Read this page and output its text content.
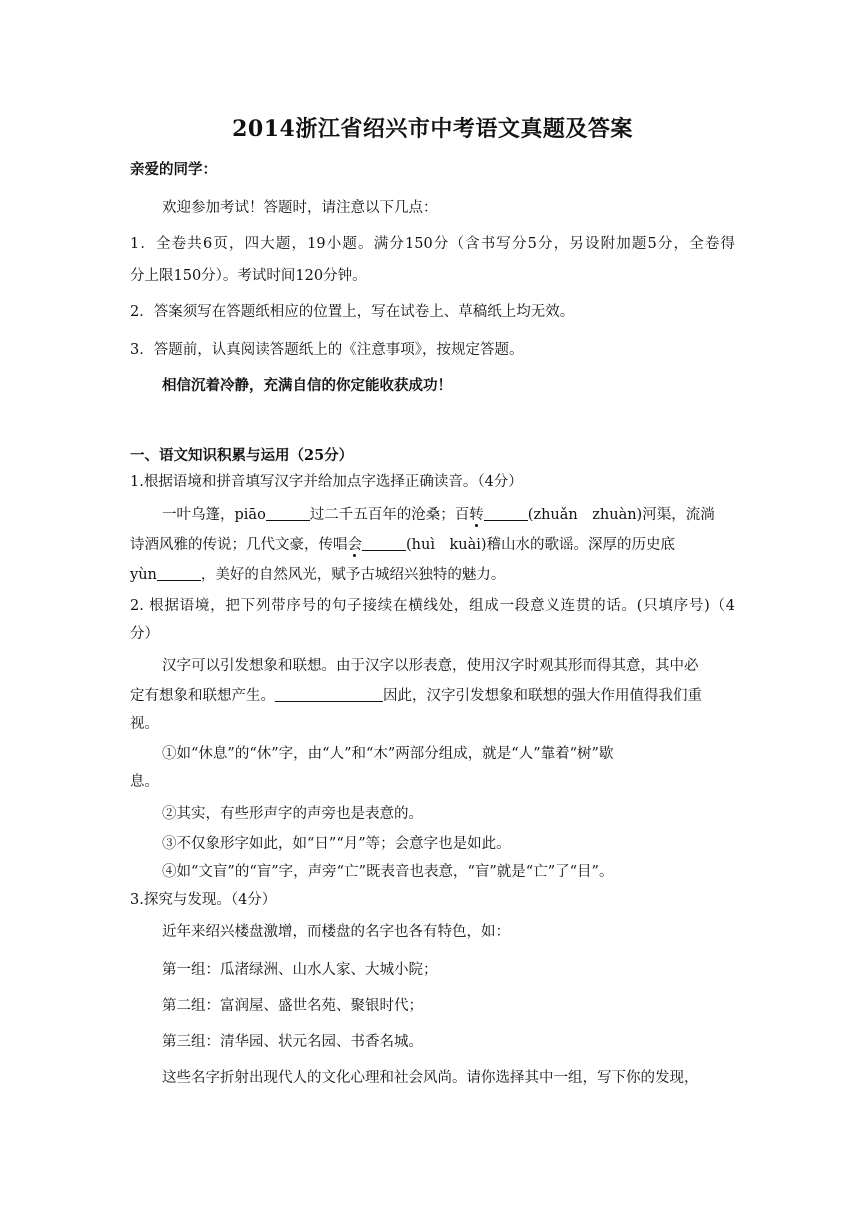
2014浙江省绍兴市中考语文真题及答案
亲爱的同学：
欢迎参加考试！答题时，请注意以下几点：
1．全卷共6页，四大题，19小题。满分150分（含书写分5分，另设附加题5分，全卷得
分上限150分）。考试时间120分钟。
2．答案须写在答题纸相应的位置上，写在试卷上、草稿纸上均无效。
3．答题前，认真阅读答题纸上的《注意事项》，按规定答题。
相信沉着冷静，充满自信的你定能收获成功！
一、语文知识积累与运用（25分）
1.根据语境和拼音填写汉字并给加点字选择正确读音。（4分）
一叶乌篷，piāo	过二千五百年的沧桑；百转	(zhuǎn　zhuàn)河渠，流淌
诗酒风雅的传说；几代文豪，传唱会	(huì　kuài)稽山水的歌谣。深厚的历史底
yùn	，美好的自然风光，赋予古城绍兴独特的魅力。
2. 根据语境，把下列带序号的句子接续在横线处，组成一段意义连贯的话。(只填序号)（4
分）
汉字可以引发想象和联想。由于汉字以形表意，使用汉字时观其形而得其意，其中必
定有想象和联想产生。	因此，汉字引发想象和联想的强大作用值得我们重
视。
①如“休息”的“休”字，由“人”和“木”两部分组成，就是“人”靠着“树”歇
息。
②其实，有些形声字的声旁也是表意的。
③不仅象形字如此，如“日”“月”等；会意字也是如此。
④如“文盲”的“盲”字，声旁“亡”既表音也表意，“盲”就是“亡”了“目”。
3.探究与发现。（4分）
近年来绍兴楼盘激增，而楼盘的名字也各有特色，如：
第一组：瓜渚绿洲、山水人家、大城小院；
第二组：富润屋、盛世名苑、聚银时代；
第三组：清华园、状元名园、书香名城。
这些名字折射出现代人的文化心理和社会风尚。请你选择其中一组，写下你的发现，
